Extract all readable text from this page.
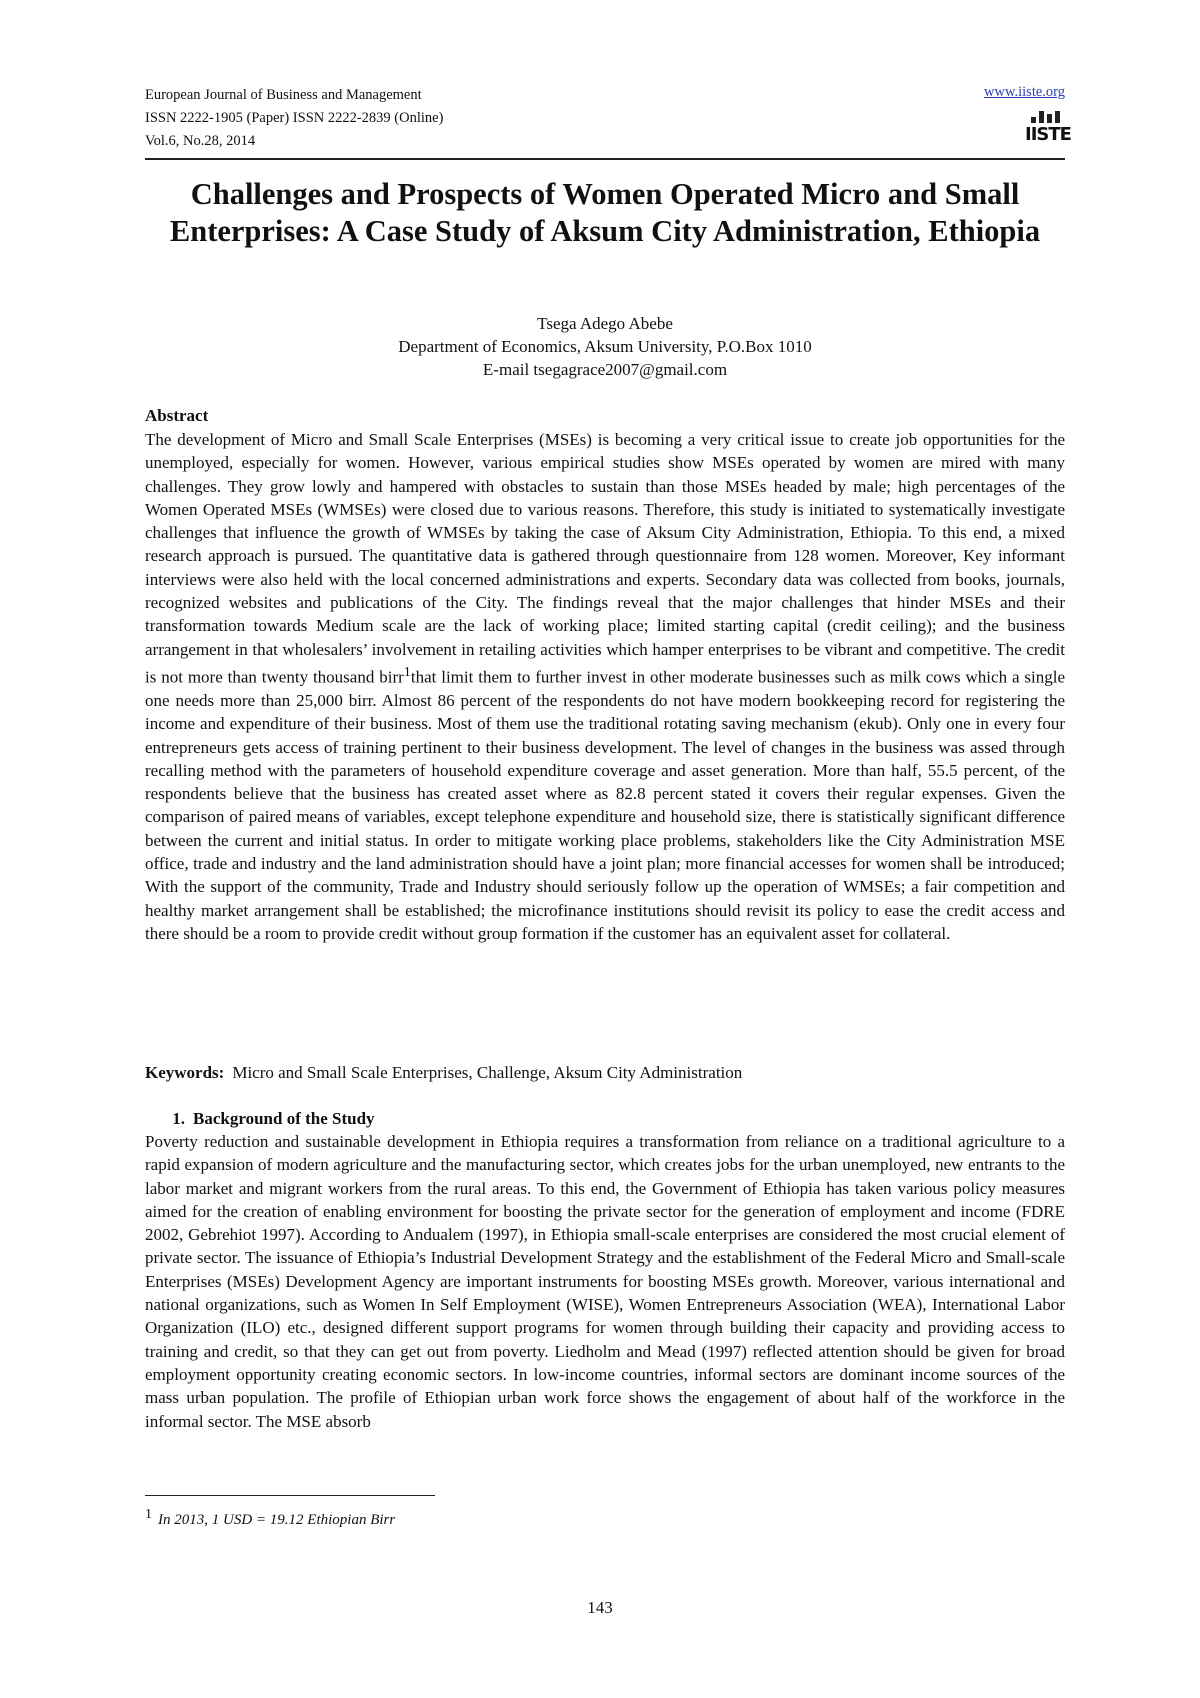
European Journal of Business and Management
ISSN 2222-1905 (Paper) ISSN 2222-2839 (Online)
Vol.6, No.28, 2014
www.iiste.org
IISTE
Challenges and Prospects of Women Operated Micro and Small Enterprises: A Case Study of Aksum City Administration, Ethiopia
Tsega Adego Abebe
Department of Economics, Aksum University, P.O.Box 1010
E-mail tsegagrace2007@gmail.com
Abstract
The development of Micro and Small Scale Enterprises (MSEs) is becoming a very critical issue to create job opportunities for the unemployed, especially for women. However, various empirical studies show MSEs operated by women are mired with many challenges. They grow lowly and hampered with obstacles to sustain than those MSEs headed by male; high percentages of the Women Operated MSEs (WMSEs) were closed due to various reasons. Therefore, this study is initiated to systematically investigate challenges that influence the growth of WMSEs by taking the case of Aksum City Administration, Ethiopia. To this end, a mixed research approach is pursued. The quantitative data is gathered through questionnaire from 128 women. Moreover, Key informant interviews were also held with the local concerned administrations and experts. Secondary data was collected from books, journals, recognized websites and publications of the City. The findings reveal that the major challenges that hinder MSEs and their transformation towards Medium scale are the lack of working place; limited starting capital (credit ceiling); and the business arrangement in that wholesalers’ involvement in retailing activities which hamper enterprises to be vibrant and competitive. The credit is not more than twenty thousand birr$^1$that limit them to further invest in other moderate businesses such as milk cows which a single one needs more than 25,000 birr. Almost 86 percent of the respondents do not have modern bookkeeping record for registering the income and expenditure of their business. Most of them use the traditional rotating saving mechanism (ekub). Only one in every four entrepreneurs gets access of training pertinent to their business development. The level of changes in the business was assed through recalling method with the parameters of household expenditure coverage and asset generation. More than half, 55.5 percent, of the respondents believe that the business has created asset where as 82.8 percent stated it covers their regular expenses. Given the comparison of paired means of variables, except telephone expenditure and household size, there is statistically significant difference between the current and initial status. In order to mitigate working place problems, stakeholders like the City Administration MSE office, trade and industry and the land administration should have a joint plan; more financial accesses for women shall be introduced; With the support of the community, Trade and Industry should seriously follow up the operation of WMSEs; a fair competition and healthy market arrangement shall be established; the microfinance institutions should revisit its policy to ease the credit access and there should be a room to provide credit without group formation if the customer has an equivalent asset for collateral.
Keywords: Micro and Small Scale Enterprises, Challenge, Aksum City Administration
1. Background of the Study
Poverty reduction and sustainable development in Ethiopia requires a transformation from reliance on a traditional agriculture to a rapid expansion of modern agriculture and the manufacturing sector, which creates jobs for the urban unemployed, new entrants to the labor market and migrant workers from the rural areas. To this end, the Government of Ethiopia has taken various policy measures aimed for the creation of enabling environment for boosting the private sector for the generation of employment and income (FDRE 2002, Gebrehiot 1997). According to Andualem (1997), in Ethiopia small-scale enterprises are considered the most crucial element of private sector. The issuance of Ethiopia’s Industrial Development Strategy and the establishment of the Federal Micro and Small-scale Enterprises (MSEs) Development Agency are important instruments for boosting MSEs growth. Moreover, various international and national organizations, such as Women In Self Employment (WISE), Women Entrepreneurs Association (WEA), International Labor Organization (ILO) etc., designed different support programs for women through building their capacity and providing access to training and credit, so that they can get out from poverty. Liedholm and Mead (1997) reflected attention should be given for broad employment opportunity creating economic sectors. In low-income countries, informal sectors are dominant income sources of the mass urban population. The profile of Ethiopian urban work force shows the engagement of about half of the workforce in the informal sector. The MSE absorb
$^1$ In 2013, 1 USD = 19.12 Ethiopian Birr
143
